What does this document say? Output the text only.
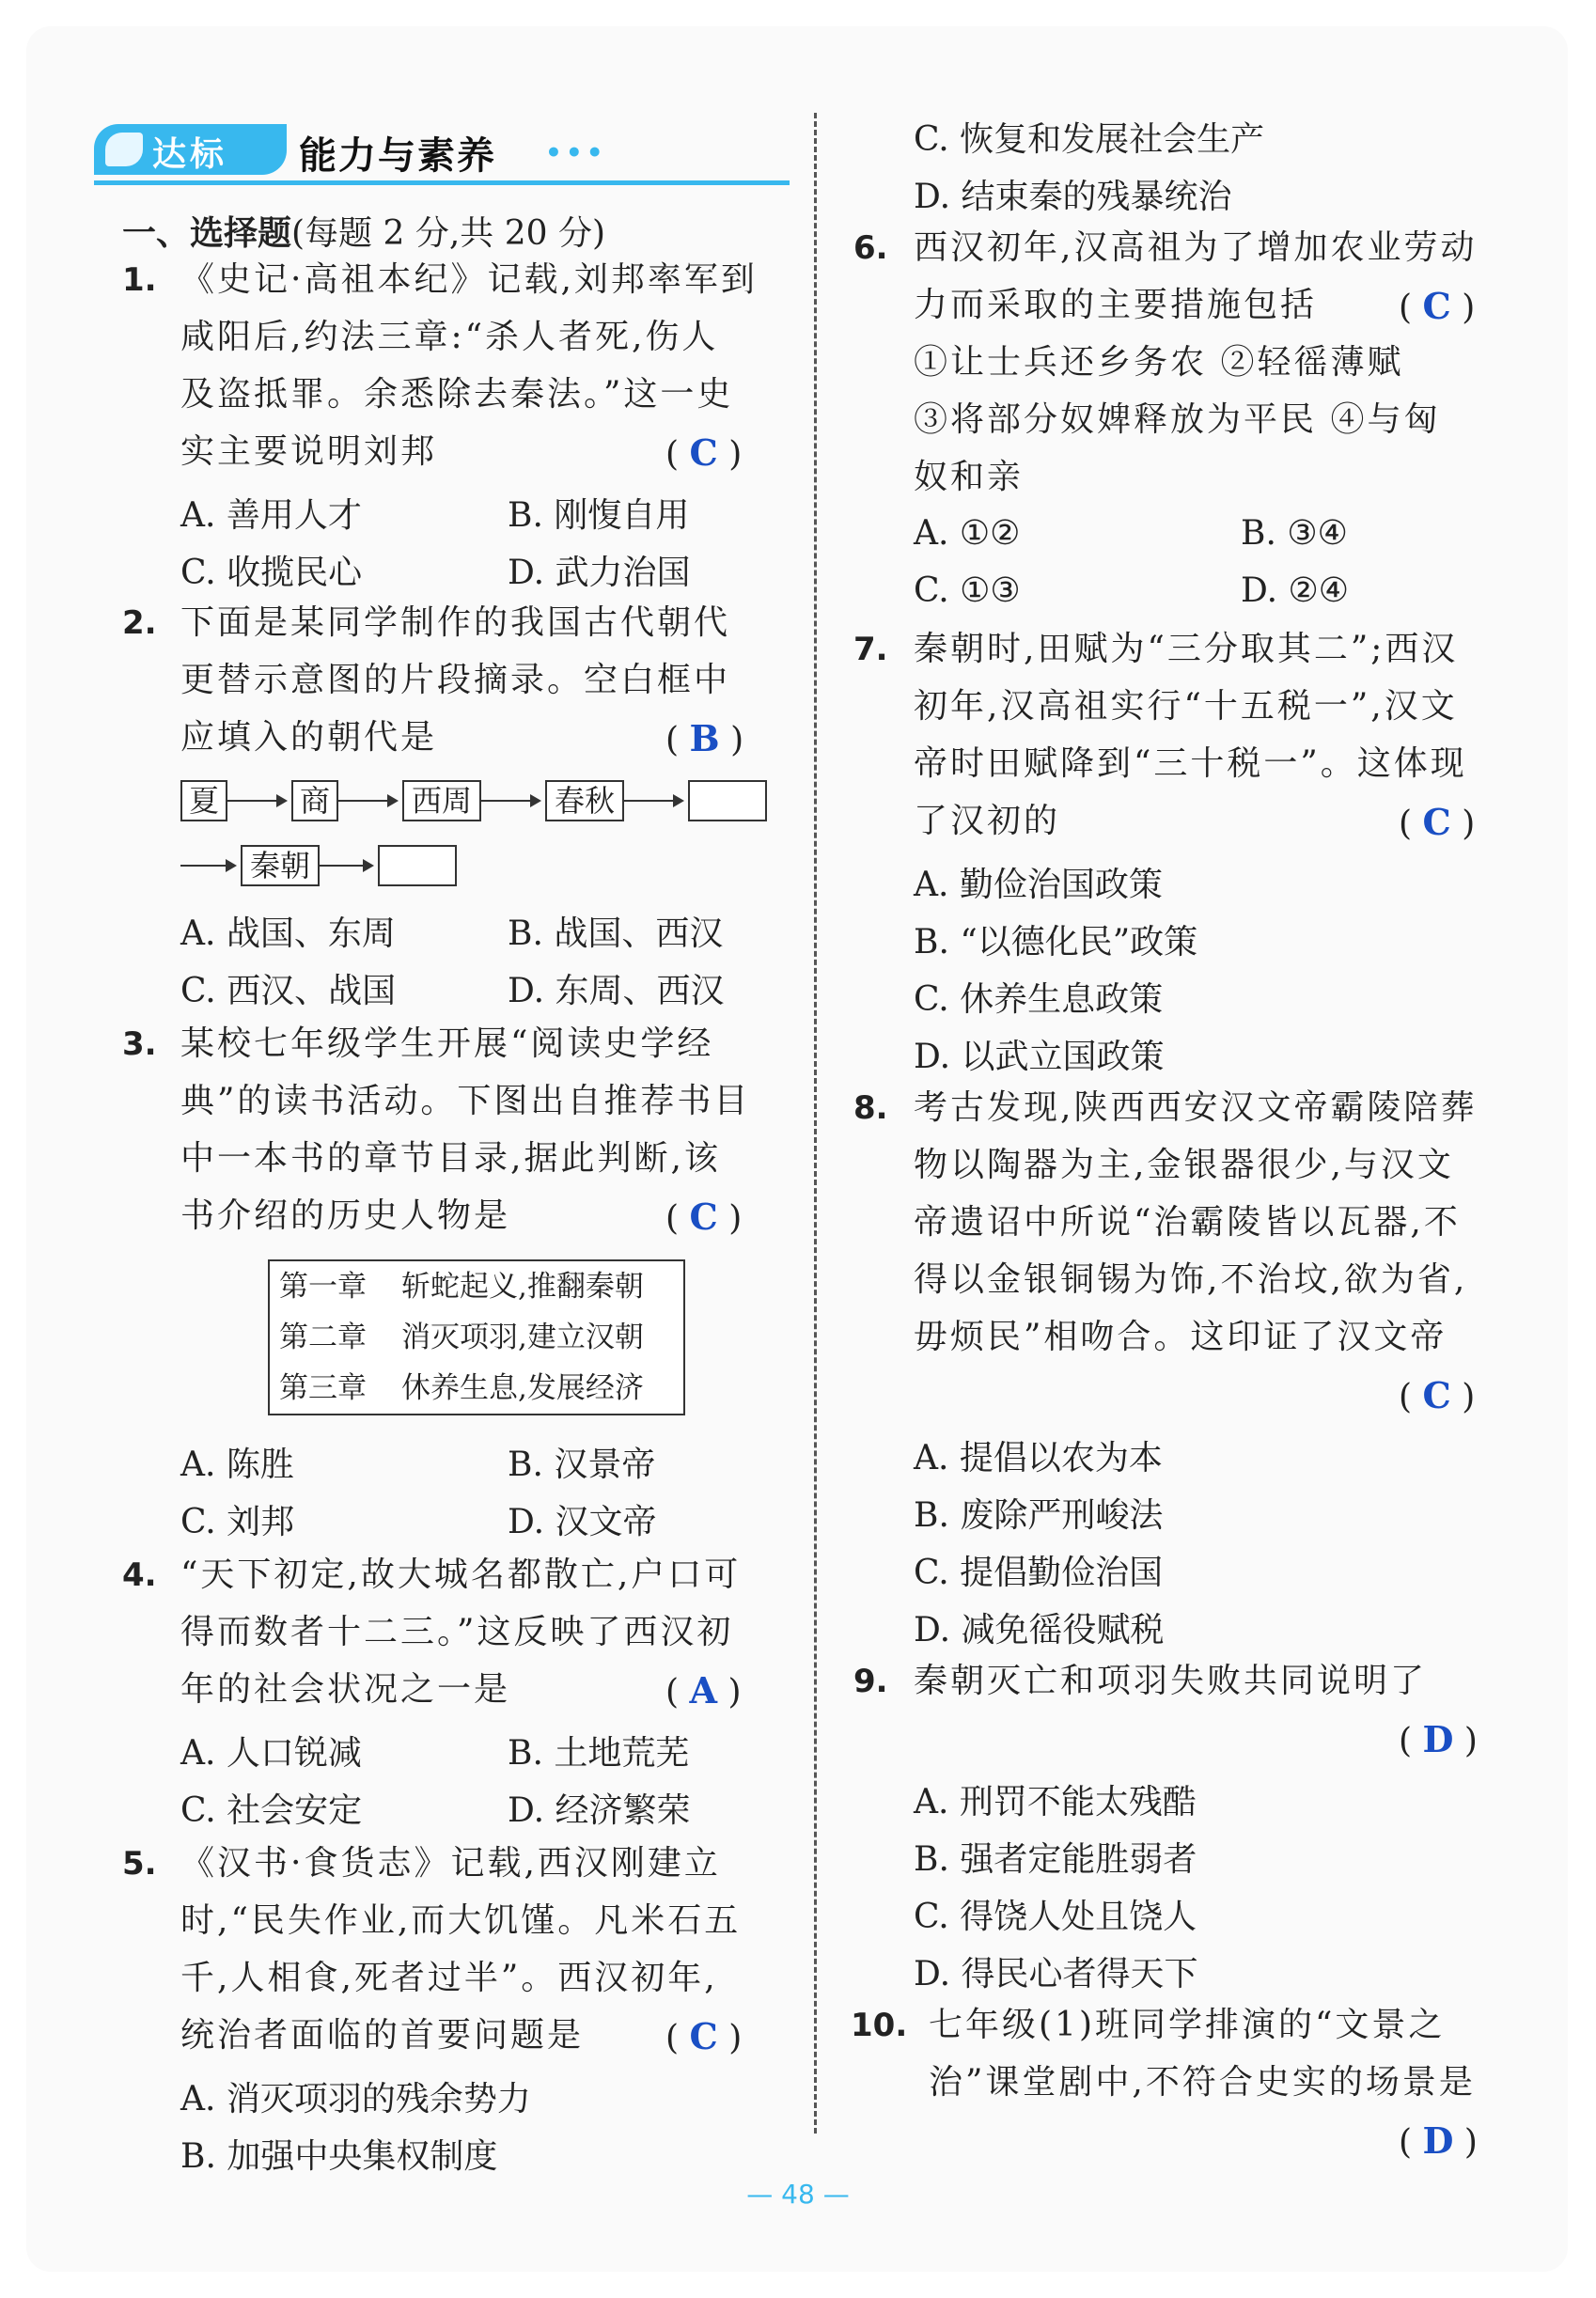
达标 能力与素养 •••
一、选择题(每题 2 分,共 20 分)
1. 《史记·高祖本纪》记载,刘邦率军到
咸阳后,约法三章:“杀人者死,伤人
及盗抵罪。余悉除去秦法。”这一史
实主要说明刘邦	( C )
A. 善用人才	B. 刚愎自用
C. 收揽民心	D. 武力治国
2. 下面是某同学制作的我国古代朝代
更替示意图的片段摘录。空白框中
应填入的朝代是	( B )
夏	商	西周	春秋
秦朝
A. 战国、东周	B. 战国、西汉
C. 西汉、战国	D. 东周、西汉
3. 某校七年级学生开展“阅读史学经
典”的读书活动。下图出自推荐书目
中一本书的章节目录,据此判断,该
书介绍的历史人物是	( C )
第一章 斩蛇起义,推翻秦朝
第二章 消灭项羽,建立汉朝
第三章 休养生息,发展经济
A. 陈胜	B. 汉景帝
C. 刘邦	D. 汉文帝
4. “天下初定,故大城名都散亡,户口可
得而数者十二三。”这反映了西汉初
年的社会状况之一是	( A )
A. 人口锐减	B. 土地荒芜
C. 社会安定	D. 经济繁荣
5. 《汉书·食货志》记载,西汉刚建立
时,“民失作业,而大饥馑。凡米石五
千,人相食,死者过半”。西汉初年,
统治者面临的首要问题是 ( C )
A. 消灭项羽的残余势力
B. 加强中央集权制度
C. 恢复和发展社会生产
D. 结束秦的残暴统治
6. 西汉初年,汉高祖为了增加农业劳动
力而采取的主要措施包括 ( C )
①让士兵还乡务农 ②轻徭薄赋
③将部分奴婢释放为平民 ④与匈
奴和亲
A. ①②	B. ③④
C. ①③	D. ②④
7. 秦朝时,田赋为“三分取其二”;西汉
初年,汉高祖实行“十五税一”,汉文
帝时田赋降到“三十税一”。这体现
了汉初的	( C )
A. 勤俭治国政策
B. “以德化民”政策
C. 休养生息政策
D. 以武立国政策
8. 考古发现,陕西西安汉文帝霸陵陪葬
物以陶器为主,金银器很少,与汉文
帝遗诏中所说“治霸陵皆以瓦器,不
得以金银铜锡为饰,不治坟,欲为省,
毋烦民”相吻合。这印证了汉文帝
( C )
A. 提倡以农为本
B. 废除严刑峻法
C. 提倡勤俭治国
D. 减免徭役赋税
9. 秦朝灭亡和项羽失败共同说明了
( D )
A. 刑罚不能太残酷
B. 强者定能胜弱者
C. 得饶人处且饶人
D. 得民心者得天下
10. 七年级(1)班同学排演的“文景之
治”课堂剧中,不符合史实的场景是
( D )
— 48 —
